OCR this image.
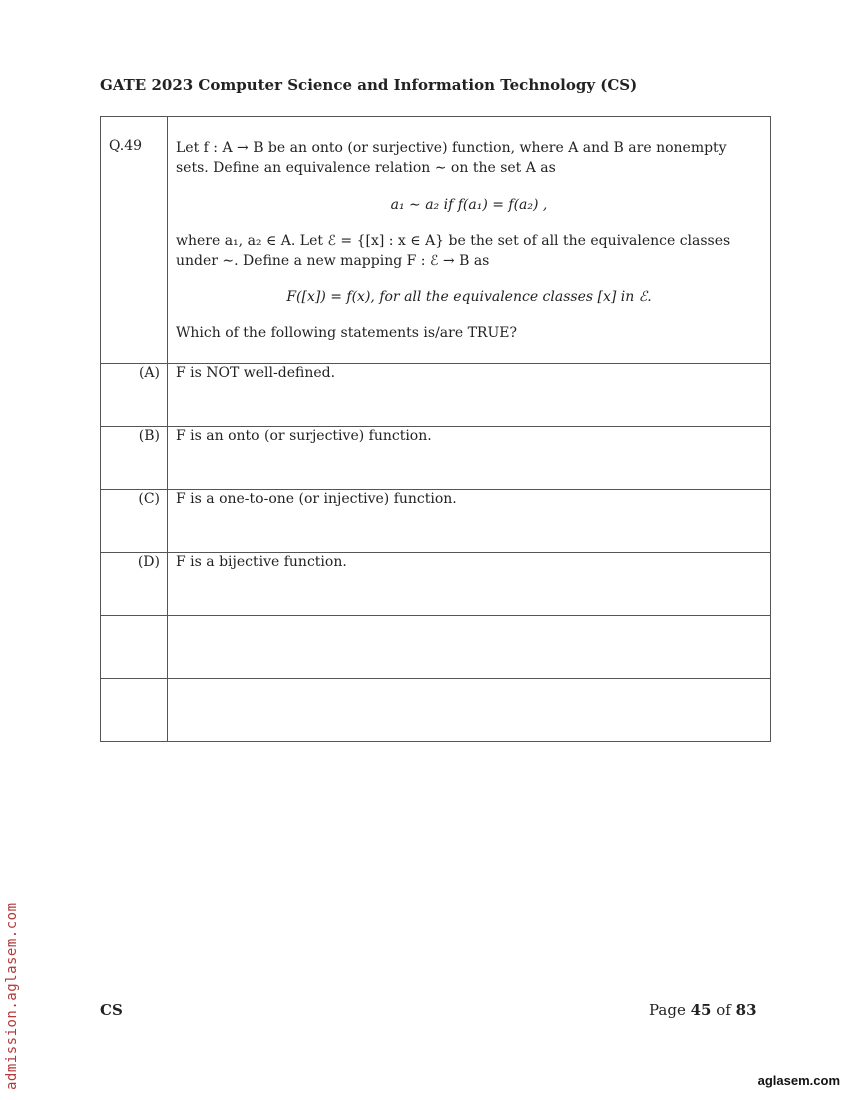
GATE 2023 Computer Science and Information Technology (CS)
Q.49	Let f : A → B be an onto (or surjective) function, where A and B are nonempty sets. Define an equivalence relation ∼ on the set A as

a₁ ∼ a₂ if f(a₁) = f(a₂) ,

where a₁, a₂ ∈ A. Let ℰ = {[x] : x ∈ A} be the set of all the equivalence classes under ∼. Define a new mapping F : ℰ → B as

F([x]) = f(x), for all the equivalence classes [x] in ℰ.

Which of the following statements is/are TRUE?

(A)	F is NOT well-defined.
(B)	F is an onto (or surjective) function.
(C)	F is a one-to-one (or injective) function.
(D)	F is a bijective function.

CS	Page 45 of 83
admission.aglasem.com	aglasem.com
